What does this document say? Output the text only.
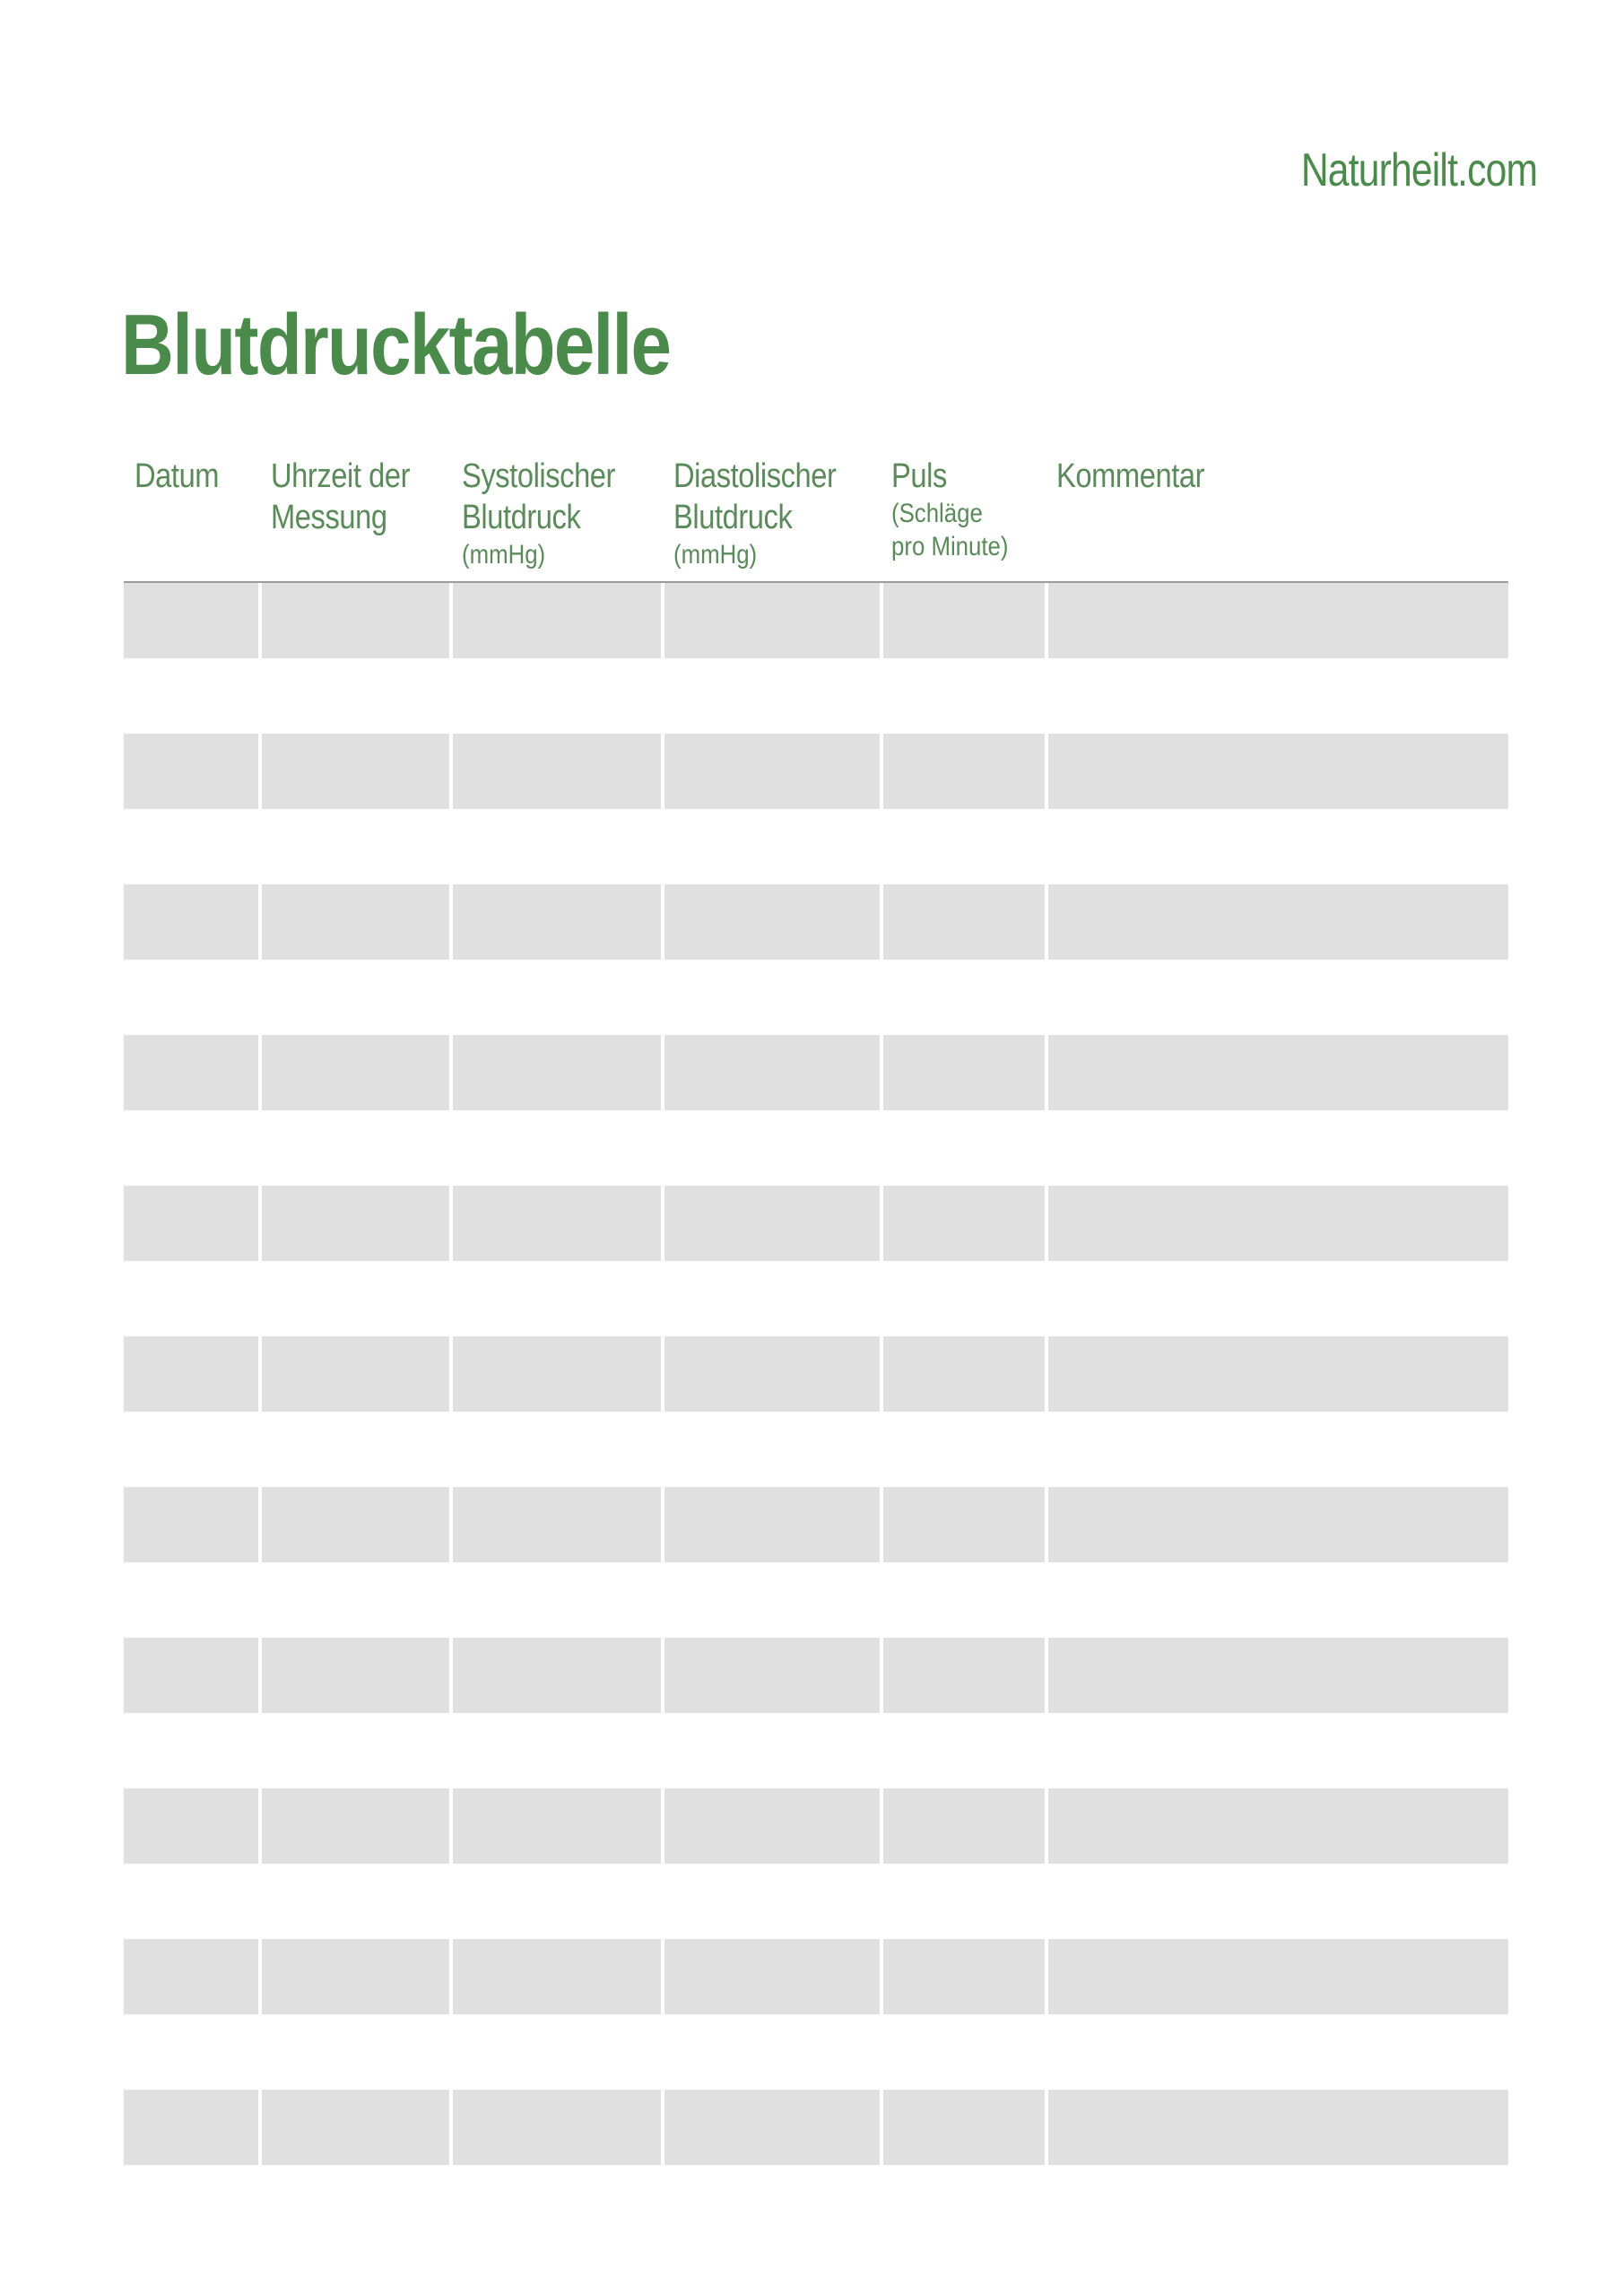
Naturheilt.com
Blutdrucktabelle
Datum Uhrzeit der
Messung
Systolischer
Blutdruck
(mmHg)
Diastolischer
Blutdruck
(mmHg)
Puls
(Schläge
pro Minute)
Kommentar
